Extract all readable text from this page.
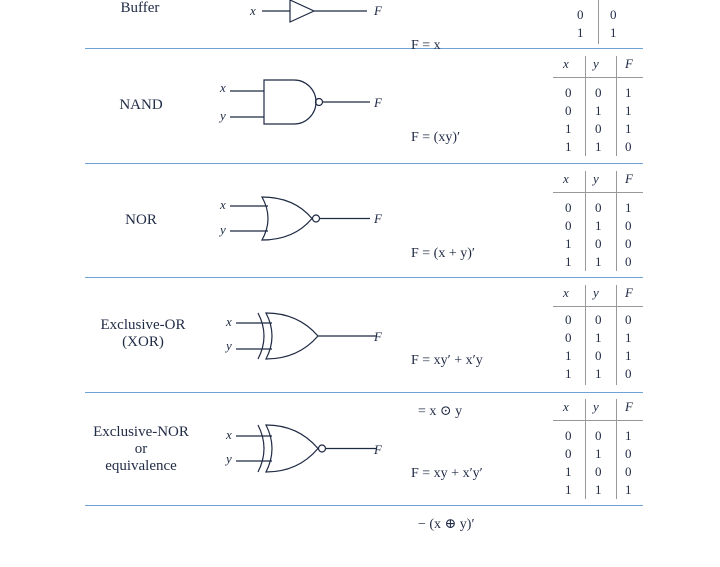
Buffer	x	F

F = x

0 0
1 1
NAND
x
y
F

F = (xy)′

x y F
0 0 1
0 1 1
1 0 1
1 1 0
NOR
x
y
F

F = (x + y)′

x y F
0 0 1
0 1 0
1 0 0
1 1 0
Exclusive-OR
(XOR)
x
y
F

F = xy′ + x′y

= x ⊙ y

x y F
0 0 0
0 1 1
1 0 1
1 1 0
Exclusive-NOR
or
equivalence
x
y
F

F = xy + x′y′

− (x ⊕ y)′

x y F
0 0 1
0 1 0
1 0 0
1 1 1
